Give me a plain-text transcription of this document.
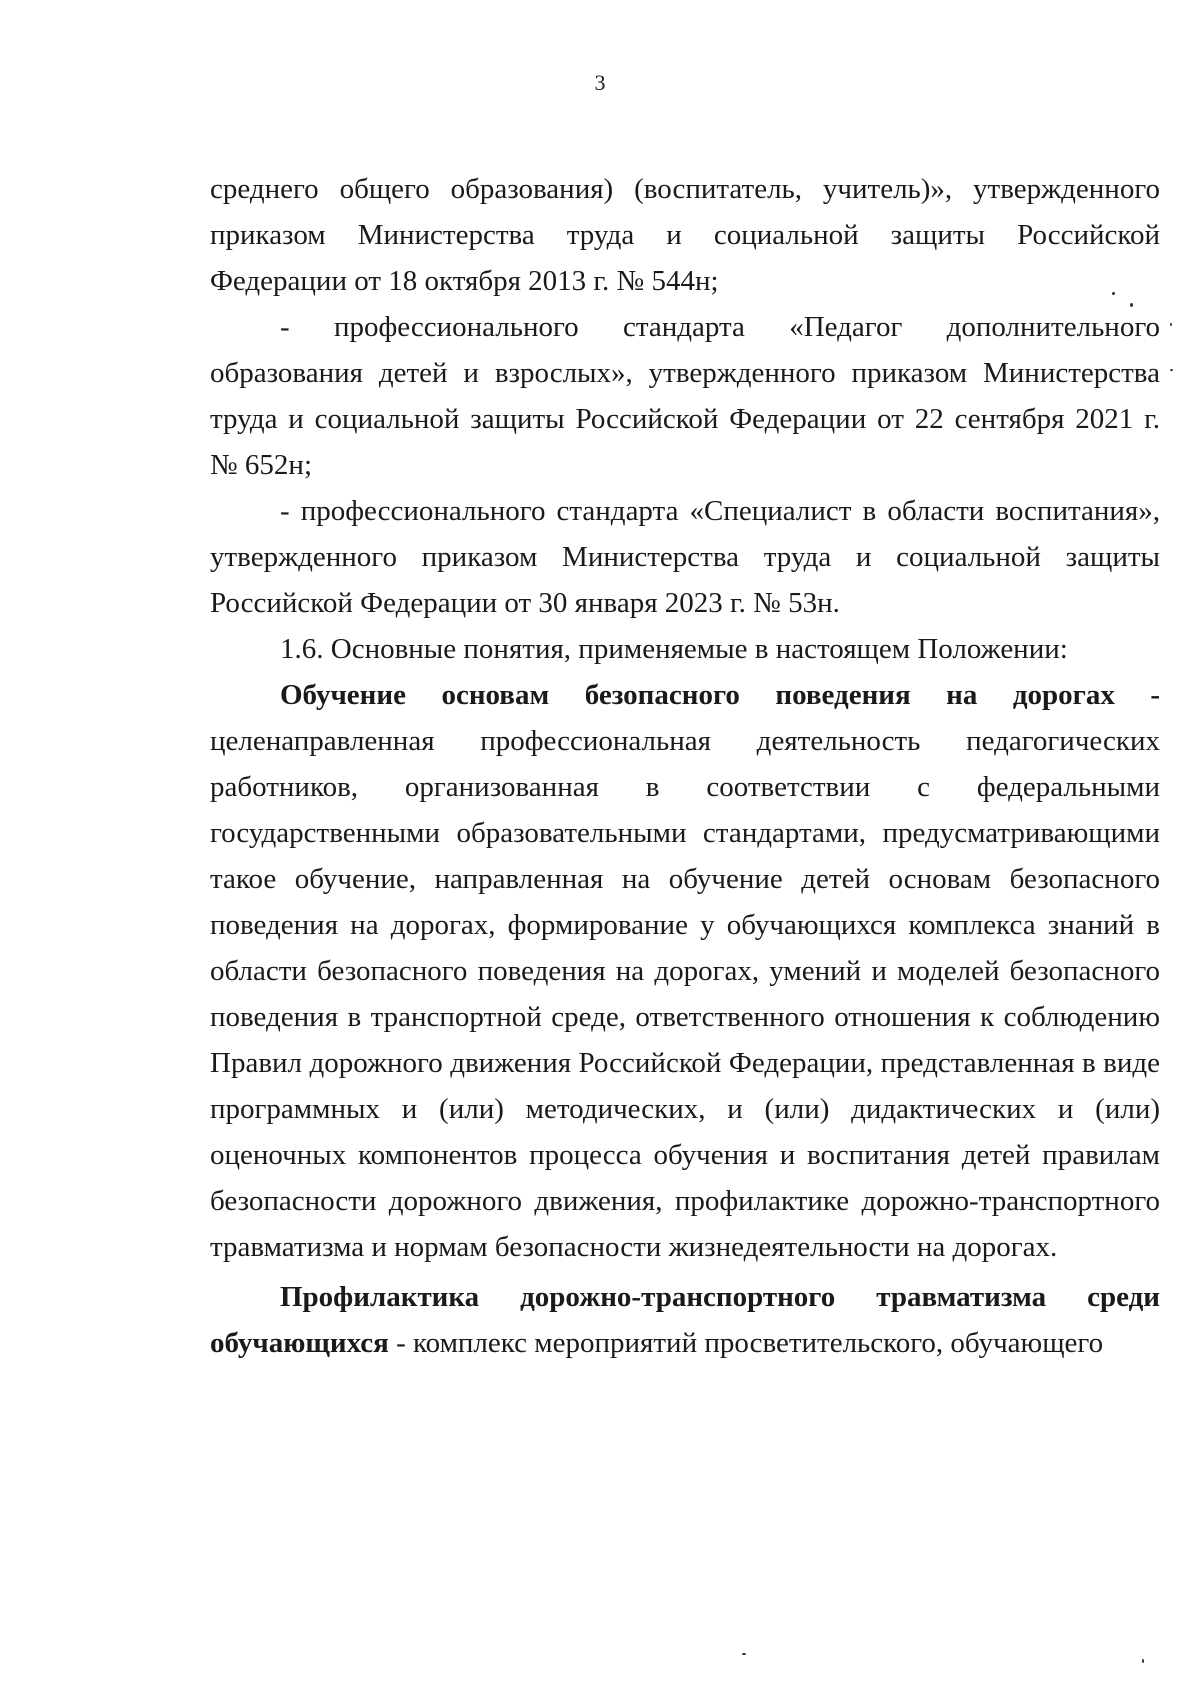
3
среднего общего образования) (воспитатель, учитель)», утвержденного
приказом Министерства труда и социальной защиты Российской
Федерации от 18 октября 2013 г. № 544н;
- профессионального стандарта «Педагог дополнительного
образования детей и взрослых», утвержденного приказом Министерства
труда и социальной защиты Российской Федерации от 22 сентября 2021 г.
№ 652н;
- профессионального стандарта «Специалист в области воспитания»,
утвержденного приказом Министерства труда и социальной защиты
Российской Федерации от 30 января 2023 г. № 53н.
1.6. Основные понятия, применяемые в настоящем Положении:
Обучение основам безопасного поведения на дорогах -
целенаправленная профессиональная деятельность педагогических
работников, организованная в соответствии с федеральными
государственными образовательными стандартами, предусматривающими
такое обучение, направленная на обучение детей основам безопасного
поведения на дорогах, формирование у обучающихся комплекса знаний в
области безопасного поведения на дорогах, умений и моделей безопасного
поведения в транспортной среде, ответственного отношения к соблюдению
Правил дорожного движения Российской Федерации, представленная в виде
программных и (или) методических, и (или) дидактических и (или)
оценочных компонентов процесса обучения и воспитания детей правилам
безопасности дорожного движения, профилактике дорожно-транспортного
травматизма и нормам безопасности жизнедеятельности на дорогах.
Профилактика дорожно-транспортного травматизма среди
обучающихся - комплекс мероприятий просветительского, обучающего
